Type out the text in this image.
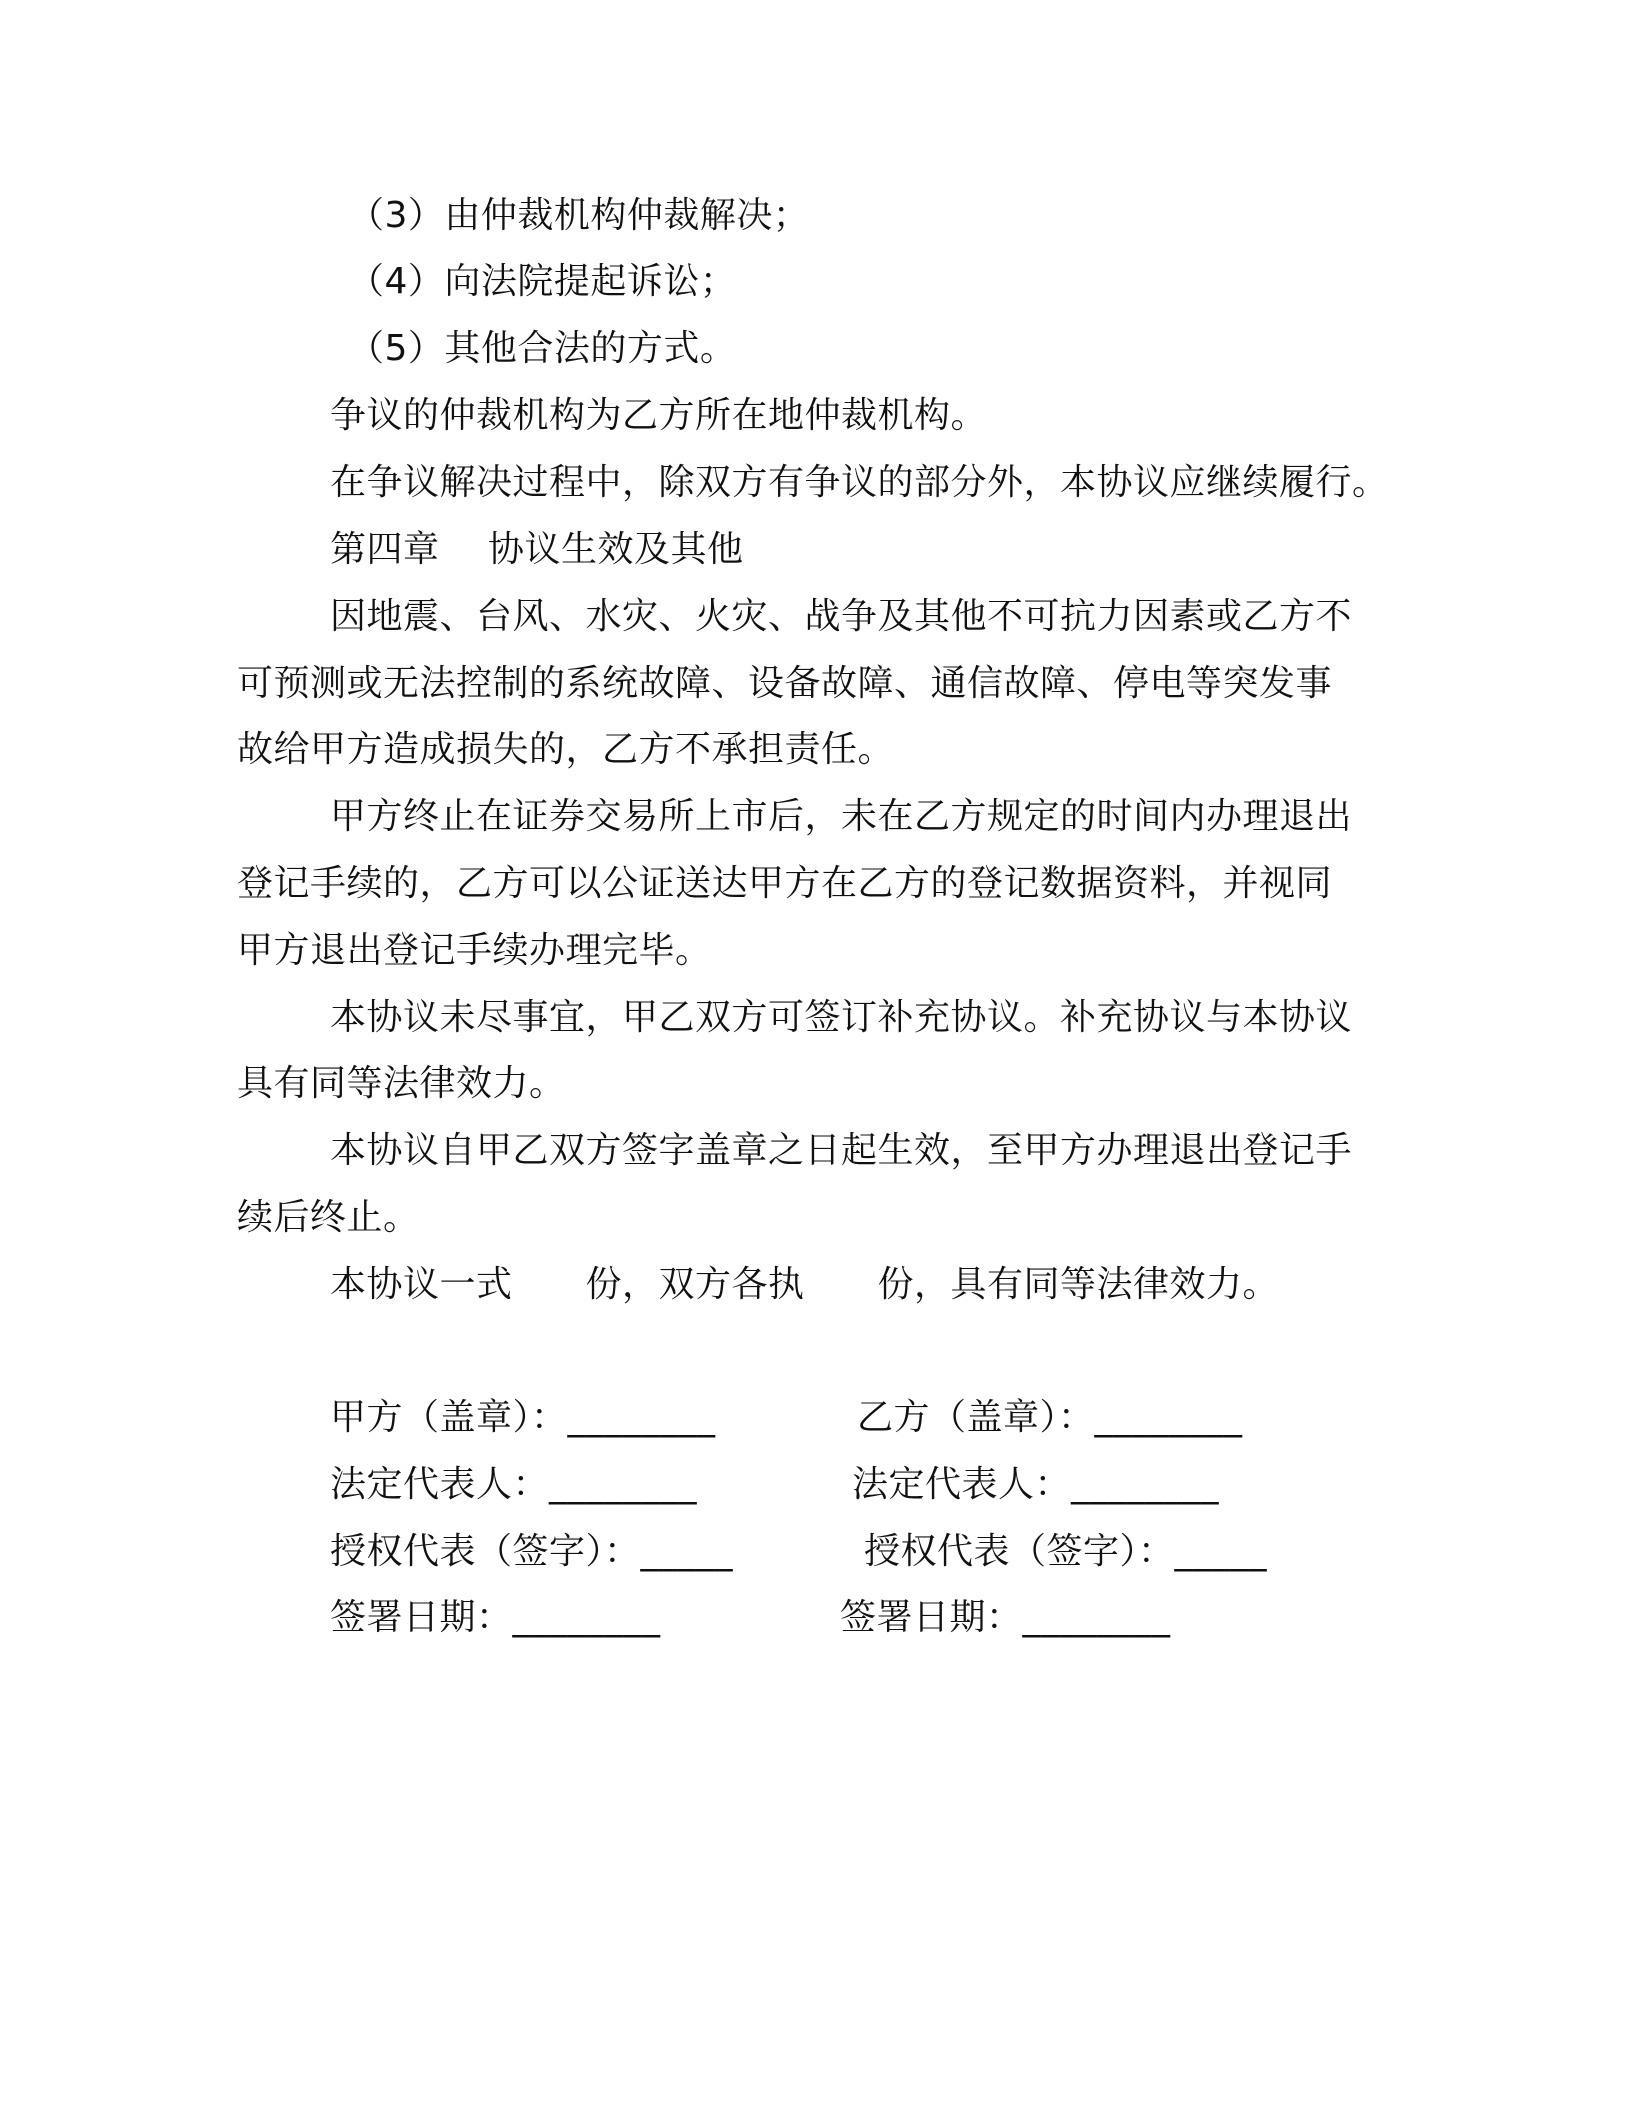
（3）由仲裁机构仲裁解决；
（4）向法院提起诉讼；
（5）其他合法的方式。
争议的仲裁机构为乙方所在地仲裁机构。
在争议解决过程中，除双方有争议的部分外，本协议应继续履行。
第四章　 协议生效及其他
因地震、台风、水灾、火灾、战争及其他不可抗力因素或乙方不
可预测或无法控制的系统故障、设备故障、通信故障、停电等突发事
故给甲方造成损失的，乙方不承担责任。
甲方终止在证券交易所上市后，未在乙方规定的时间内办理退出
登记手续的，乙方可以公证送达甲方在乙方的登记数据资料，并视同
甲方退出登记手续办理完毕。
本协议未尽事宜，甲乙双方可签订补充协议。补充协议与本协议
具有同等法律效力。
本协议自甲乙双方签字盖章之日起生效，至甲方办理退出登记手
续后终止。
本协议一式　　份，双方各执　　份，具有同等法律效力。
甲方（盖章）：________	乙方（盖章）：________
法定代表人：________	法定代表人：________
授权代表（签字）：_____	授权代表（签字）：_____
签署日期：________	签署日期：________
